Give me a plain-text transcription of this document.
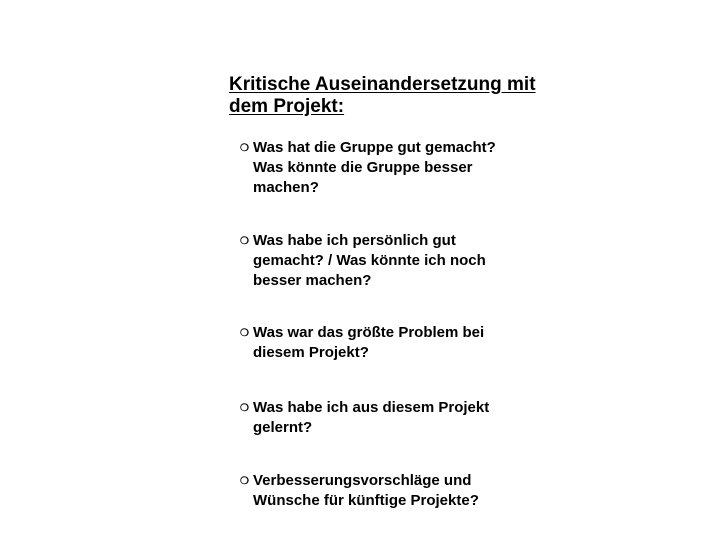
Kritische Auseinandersetzung mit
dem Projekt:
❍ Was hat die Gruppe gut gemacht?
Was könnte die Gruppe besser
machen?
❍ Was habe ich persönlich gut
gemacht? / Was könnte ich noch
besser machen?
❍ Was war das größte Problem bei
diesem Projekt?
❍ Was habe ich aus diesem Projekt
gelernt?
❍ Verbesserungsvorschläge und
Wünsche für künftige Projekte?
